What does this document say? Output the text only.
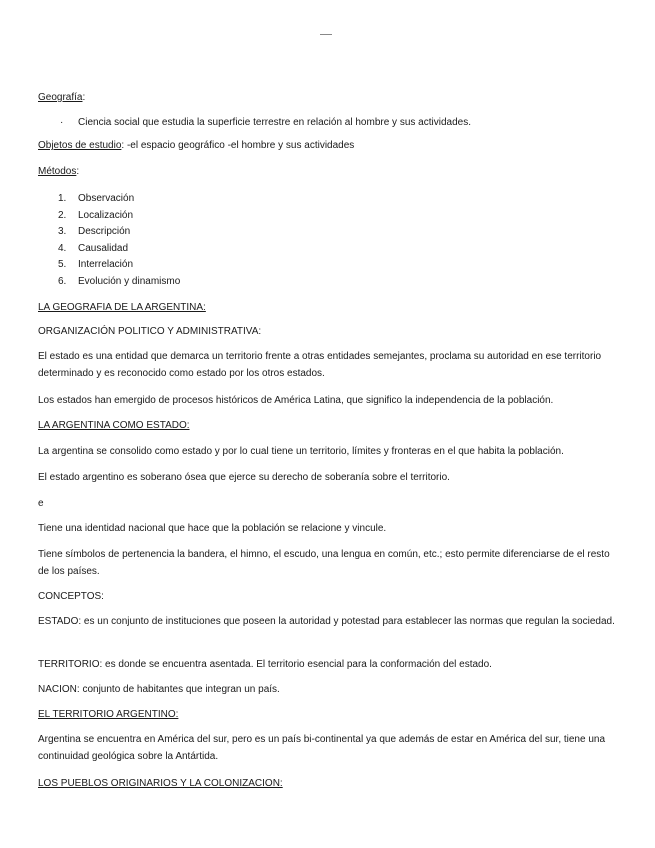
Geografía:
· Ciencia social que estudia la superficie terrestre en relación al hombre y sus actividades.
Objetos de estudio: -el espacio geográfico -el hombre y sus actividades
Métodos:
1. Observación
2. Localización
3. Descripción
4. Causalidad
5. Interrelación
6. Evolución y dinamismo
LA GEOGRAFIA DE LA ARGENTINA:
ORGANIZACIÓN POLITICO Y ADMINISTRATIVA:
El estado es una entidad que demarca un territorio frente a otras entidades semejantes, proclama su autoridad en ese territorio determinado y es reconocido como estado por los otros estados.
Los estados han emergido de procesos históricos de América Latina, que significo la independencia de la población.
LA ARGENTINA COMO ESTADO:
La argentina se consolido como estado y por lo cual tiene un territorio, límites y fronteras en el que habita la población.
El estado argentino es soberano ósea que ejerce su derecho de soberanía sobre el territorio.
e
Tiene una identidad nacional que hace que la población se relacione y vincule.
Tiene símbolos de pertenencia la bandera, el himno, el escudo, una lengua en común, etc.; esto permite diferenciarse de el resto de los países.
CONCEPTOS:
ESTADO: es un conjunto de instituciones que poseen la autoridad y potestad para establecer las normas que regulan la sociedad.
TERRITORIO: es donde se encuentra asentada. El territorio esencial para la conformación del estado.
NACION: conjunto de habitantes que integran un país.
EL TERRITORIO ARGENTINO:
Argentina se encuentra en América del sur, pero es un país bi-continental ya que además de estar en América del sur, tiene una continuidad geológica sobre la Antártida.
LOS PUEBLOS ORIGINARIOS Y LA COLONIZACION:
